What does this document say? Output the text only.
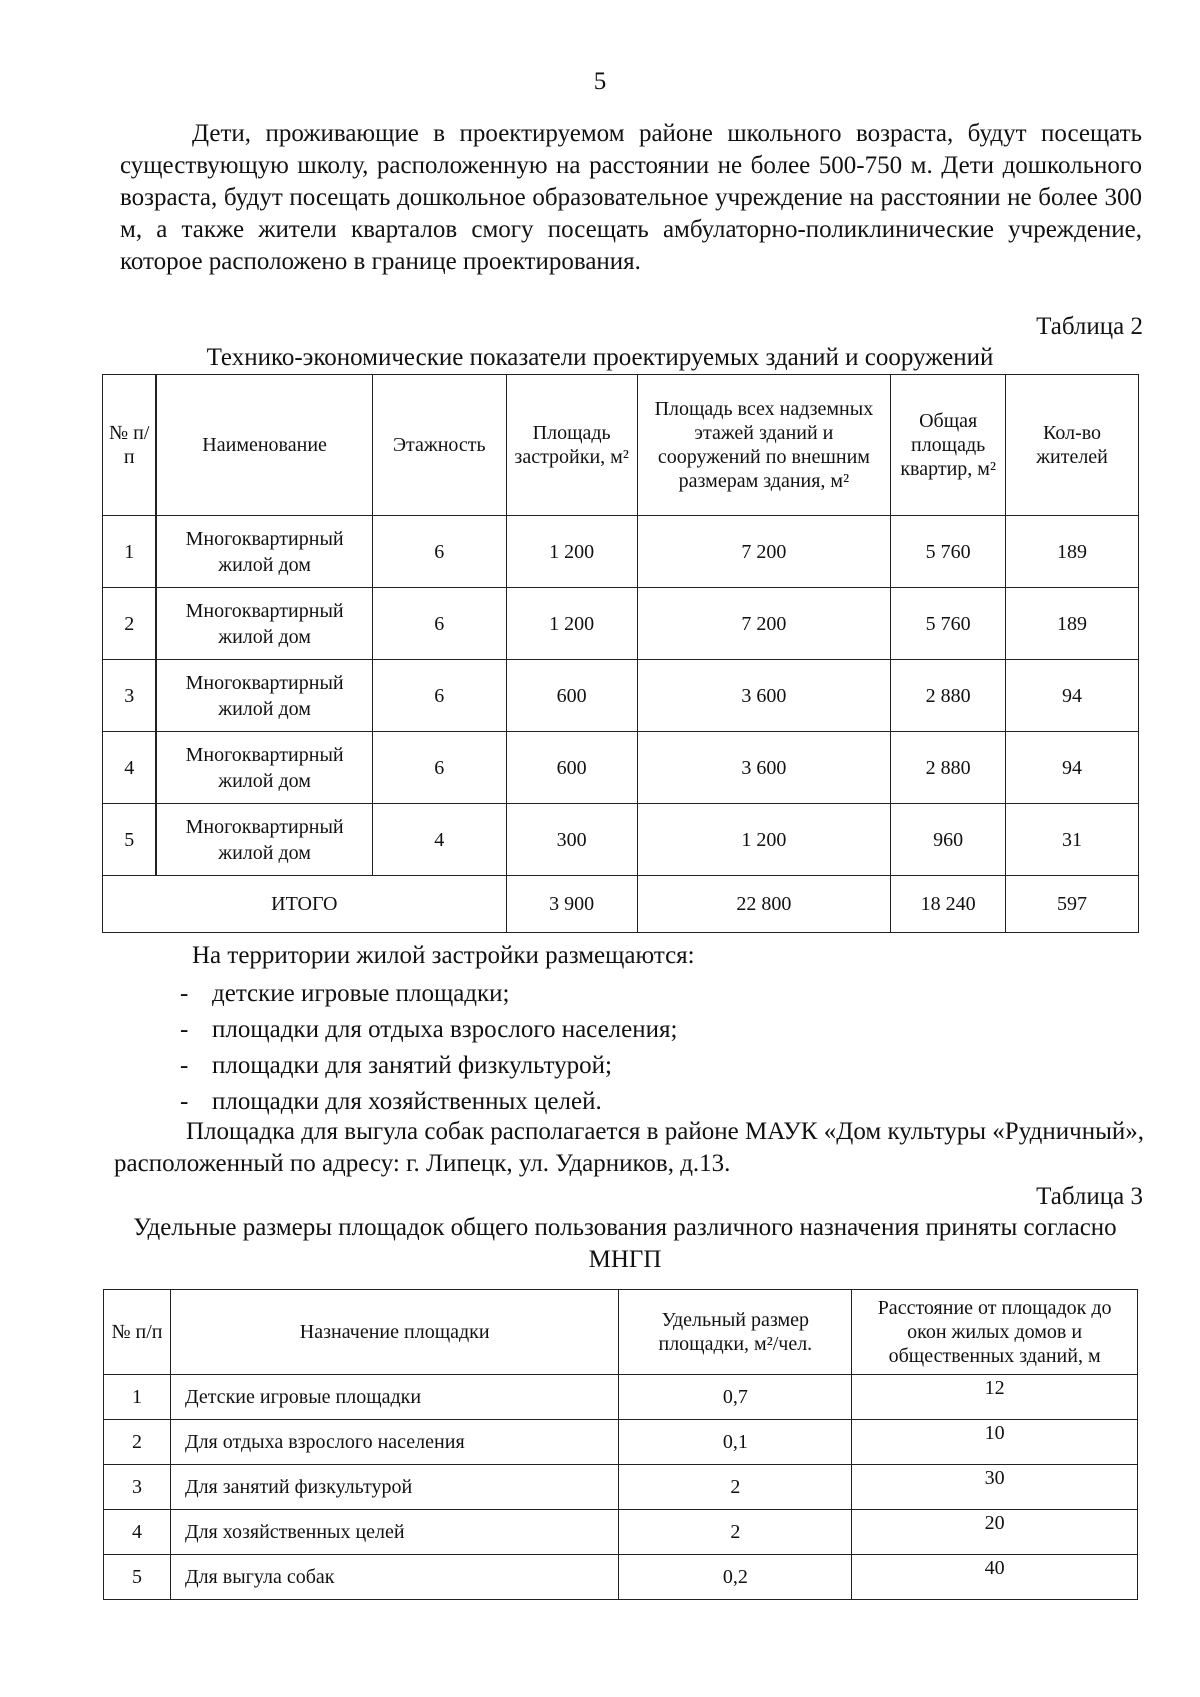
5

Дети, проживающие в проектируемом районе школьного возраста, будут посещать существующую школу, расположенную на расстоянии не более 500-750 м. Дети дошкольного возраста, будут посещать дошкольное образовательное учреждение на расстоянии не более 300 м, а также жители кварталов смогу посещать амбулаторно-поликлинические учреждение, которое расположено в границе проектирования.

Таблица 2

Технико-экономические показатели проектируемых зданий и сооружений

№ п/п	Наименование	Этажность	Площадь застройки, м²	Площадь всех надземных этажей зданий и сооружений по внешним размерам здания, м²	Общая площадь квартир, м²	Кол-во жителей
1	Многоквартирный жилой дом	6	1 200	7 200	5 760	189
2	Многоквартирный жилой дом	6	1 200	7 200	5 760	189
3	Многоквартирный жилой дом	6	600	3 600	2 880	94
4	Многоквартирный жилой дом	6	600	3 600	2 880	94
5	Многоквартирный жилой дом	4	300	1 200	960	31
ИТОГО			3 900	22 800	18 240	597

На территории жилой застройки размещаются:

- детские игровые площадки;
- площадки для отдыха взрослого населения;
- площадки для занятий физкультурой;
- площадки для хозяйственных целей.

Площадка для выгула собак располагается в районе МАУК «Дом культуры «Рудничный», расположенный по адресу: г. Липецк, ул. Ударников, д.13.

Таблица 3

Удельные размеры площадок общего пользования различного назначения приняты согласно МНГП

№ п/п	Назначение площадки	Удельный размер площадки, м²/чел.	Расстояние от площадок до окон жилых домов и общественных зданий, м
1	Детские игровые площадки	0,7	12
2	Для отдыха взрослого населения	0,1	10
3	Для занятий физкультурой	2	30
4	Для хозяйственных целей	2	20
5	Для выгула собак	0,2	40
